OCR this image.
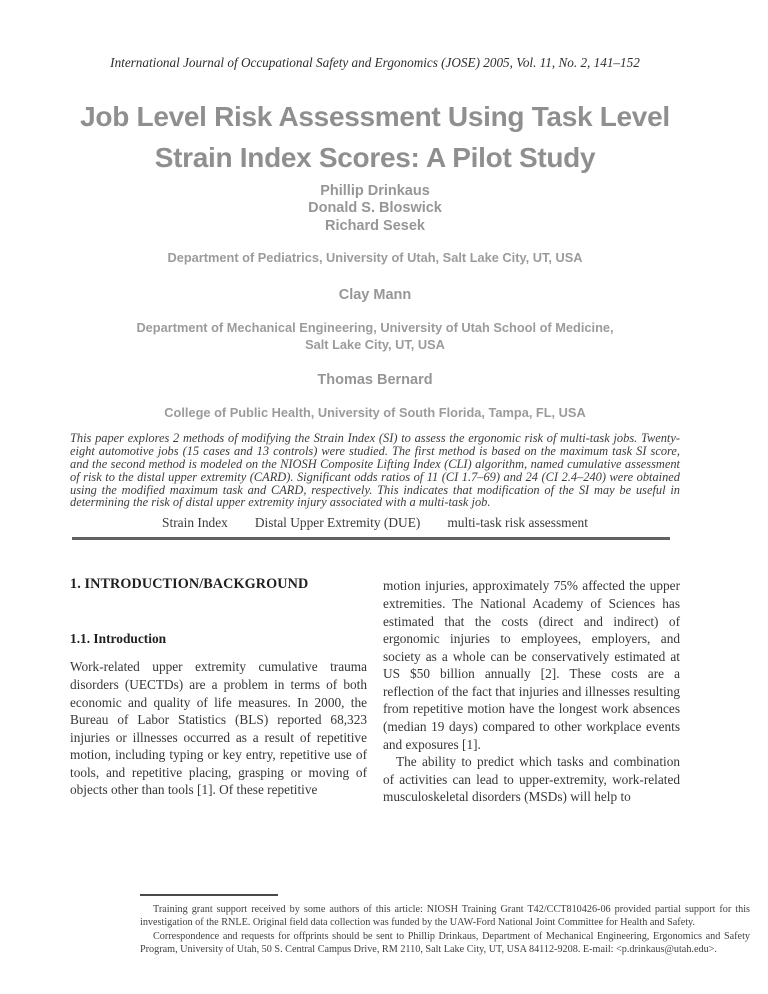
International Journal of Occupational Safety and Ergonomics (JOSE) 2005, Vol. 11, No. 2, 141–152
Job Level Risk Assessment Using Task Level
Strain Index Scores: A Pilot Study
Phillip Drinkaus
Donald S. Bloswick
Richard Sesek
Department of Pediatrics, University of Utah, Salt Lake City, UT, USA
Clay Mann
Department of Mechanical Engineering, University of Utah School of Medicine,
Salt Lake City, UT, USA
Thomas Bernard
College of Public Health, University of South Florida, Tampa, FL, USA

This paper explores 2 methods of modifying the Strain Index (SI) to assess the ergonomic risk of multi-task jobs. Twenty-eight automotive jobs (15 cases and 13 controls) were studied. The first method is based on the maximum task SI score, and the second method is modeled on the NIOSH Composite Lifting Index (CLI) algorithm, named cumulative assessment of risk to the distal upper extremity (CARD). Significant odds ratios of 11 (CI 1.7–69) and 24 (CI 2.4–240) were obtained using the modified maximum task and CARD, respectively. This indicates that modification of the SI may be useful in determining the risk of distal upper extremity injury associated with a multi-task job.

Strain Index Distal Upper Extremity (DUE) multi-task risk assessment
1. INTRODUCTION/BACKGROUND
1.1. Introduction

Work-related upper extremity cumulative trauma disorders (UECTDs) are a problem in terms of both economic and quality of life measures. In 2000, the Bureau of Labor Statistics (BLS) reported 68,323 injuries or illnesses occurred as a result of repetitive motion, including typing or key entry, repetitive use of tools, and repetitive placing, grasping or moving of objects other than tools [1]. Of these repetitive

motion injuries, approximately 75% affected the upper extremities. The National Academy of Sciences has estimated that the costs (direct and indirect) of ergonomic injuries to employees, employers, and society as a whole can be conservatively estimated at US $50 billion annually [2]. These costs are a reflection of the fact that injuries and illnesses resulting from repetitive motion have the longest work absences (median 19 days) compared to other workplace events and exposures [1].

The ability to predict which tasks and combination of activities can lead to upper-extremity, work-related musculoskeletal disorders (MSDs) will help to

Training grant support received by some authors of this article: NIOSH Training Grant T42/CCT810426-06 provided partial support for this investigation of the RNLE. Original field data collection was funded by the UAW-Ford National Joint Committee for Health and Safety.

Correspondence and requests for offprints should be sent to Phillip Drinkaus, Department of Mechanical Engineering, Ergonomics and Safety Program, University of Utah, 50 S. Central Campus Drive, RM 2110, Salt Lake City, UT, USA 84112-9208. E-mail: <p.drinkaus@utah.edu>.
